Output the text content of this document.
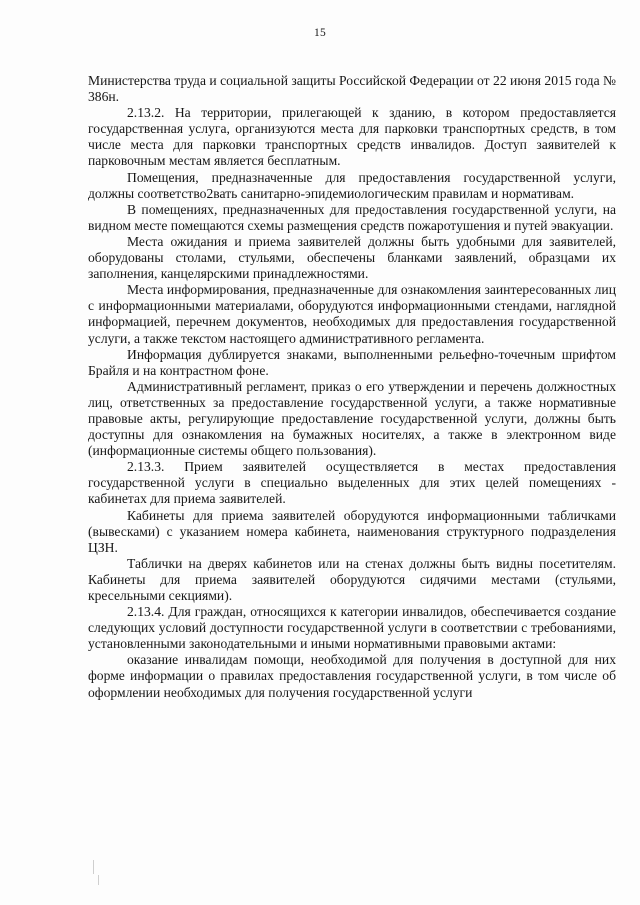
15

Министерства труда и социальной защиты Российской Федерации от 22 июня 2015 года № 386н.

2.13.2. На территории, прилегающей к зданию, в котором предоставляется государственная услуга, организуются места для парковки транспортных средств, в том числе места для парковки транспортных средств инвалидов. Доступ заявителей к парковочным местам является бесплатным.

Помещения, предназначенные для предоставления государственной услуги, должны соответство2вать санитарно-эпидемиологическим правилам и нормативам.

В помещениях, предназначенных для предоставления государственной услуги, на видном месте помещаются схемы размещения средств пожаротушения и путей эвакуации.

Места ожидания и приема заявителей должны быть удобными для заявителей, оборудованы столами, стульями, обеспечены бланками заявлений, образцами их заполнения, канцелярскими принадлежностями.

Места информирования, предназначенные для ознакомления заинтересованных лиц с информационными материалами, оборудуются информационными стендами, наглядной информацией, перечнем документов, необходимых для предоставления государственной услуги, а также текстом настоящего административного регламента.

Информация дублируется знаками, выполненными рельефно-точечным шрифтом Брайля и на контрастном фоне.

Административный регламент, приказ о его утверждении и перечень должностных лиц, ответственных за предоставление государственной услуги, а также нормативные правовые акты, регулирующие предоставление государственной услуги, должны быть доступны для ознакомления на бумажных носителях, а также в электронном виде (информационные системы общего пользования).

2.13.3. Прием заявителей осуществляется в местах предоставления государственной услуги в специально выделенных для этих целей помещениях - кабинетах для приема заявителей.

Кабинеты для приема заявителей оборудуются информационными табличками (вывесками) с указанием номера кабинета, наименования структурного подразделения ЦЗН.

Таблички на дверях кабинетов или на стенах должны быть видны посетителям. Кабинеты для приема заявителей оборудуются сидячими местами (стульями, кресельными секциями).

2.13.4. Для граждан, относящихся к категории инвалидов, обеспечивается создание следующих условий доступности государственной услуги в соответствии с требованиями, установленными законодательными и иными нормативными правовыми актами:

оказание инвалидам помощи, необходимой для получения в доступной для них форме информации о правилах предоставления государственной услуги, в том числе об оформлении необходимых для получения государственной услуги
